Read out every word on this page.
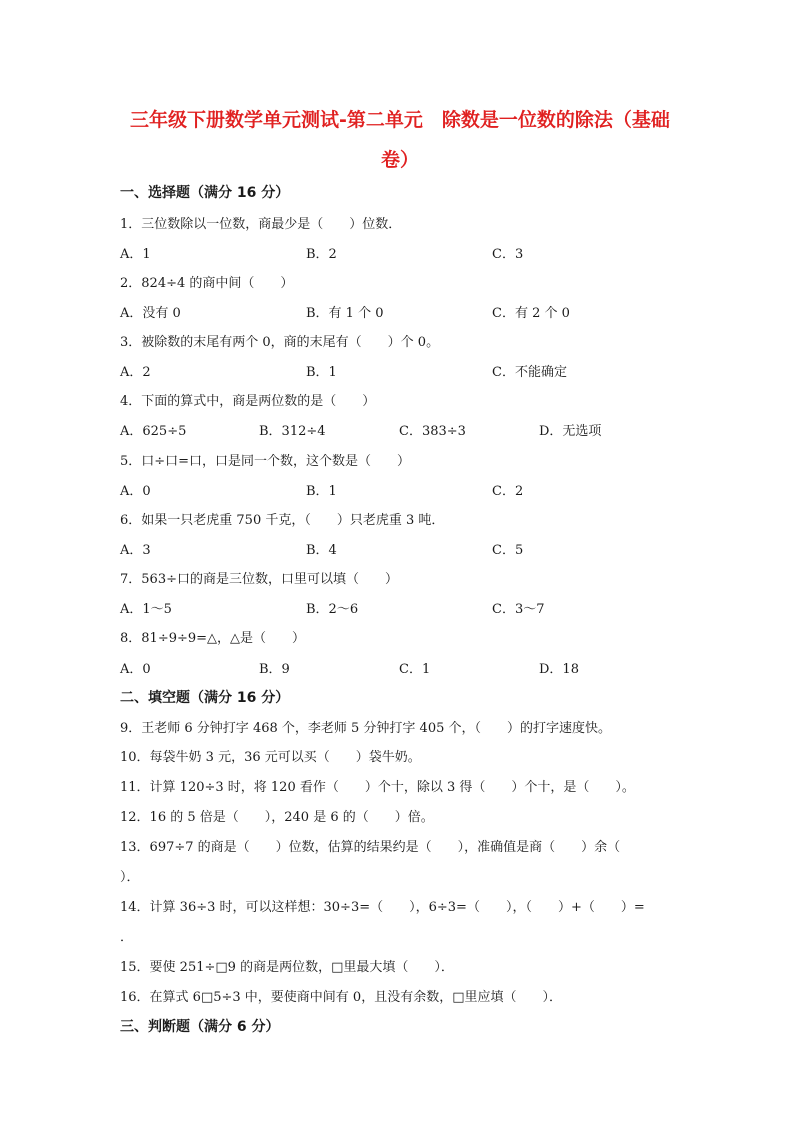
三年级下册数学单元测试-第二单元　除数是一位数的除法（基础
卷）
一、选择题（满分 16 分）
1．三位数除以一位数，商最少是（　　）位数．
A．1	B．2	C．3
2．824÷4 的商中间（　　）
A．没有 0	B．有 1 个 0	C．有 2 个 0
3．被除数的末尾有两个 0，商的末尾有（　　）个 0。
A．2	B．1	C．不能确定
4．下面的算式中，商是两位数的是（　　）
A．625÷5	B．312÷4	C．383÷3	D．无选项
5．口÷口=口，口是同一个数，这个数是（　　）
A．0	B．1	C．2
6．如果一只老虎重 750 千克，（　　）只老虎重 3 吨．
A．3	B．4	C．5
7．563÷口的商是三位数，口里可以填（　　）
A．1～5	B．2～6	C．3～7
8．81÷9÷9=△，△是（　　）
A．0	B．9	C．1	D．18
二、填空题（满分 16 分）
9．王老师 6 分钟打字 468 个，李老师 5 分钟打字 405 个，（　　）的打字速度快。
10．每袋牛奶 3 元，36 元可以买（　　）袋牛奶。
11．计算 120÷3 时，将 120 看作（　　）个十，除以 3 得（　　）个十，是（　　）。
12．16 的 5 倍是（　　），240 是 6 的（　　）倍。
13．697÷7 的商是（　　）位数，估算的结果约是（　　），准确值是商（　　）余（
）．
14．计算 36÷3 时，可以这样想：30÷3=（　　），6÷3=（　　），（　　）+（　　）=
．
15．要使 251÷□9 的商是两位数，□里最大填（　　）．
16．在算式 6□5÷3 中，要使商中间有 0，且没有余数，□里应填（　　）．
三、判断题（满分 6 分）
